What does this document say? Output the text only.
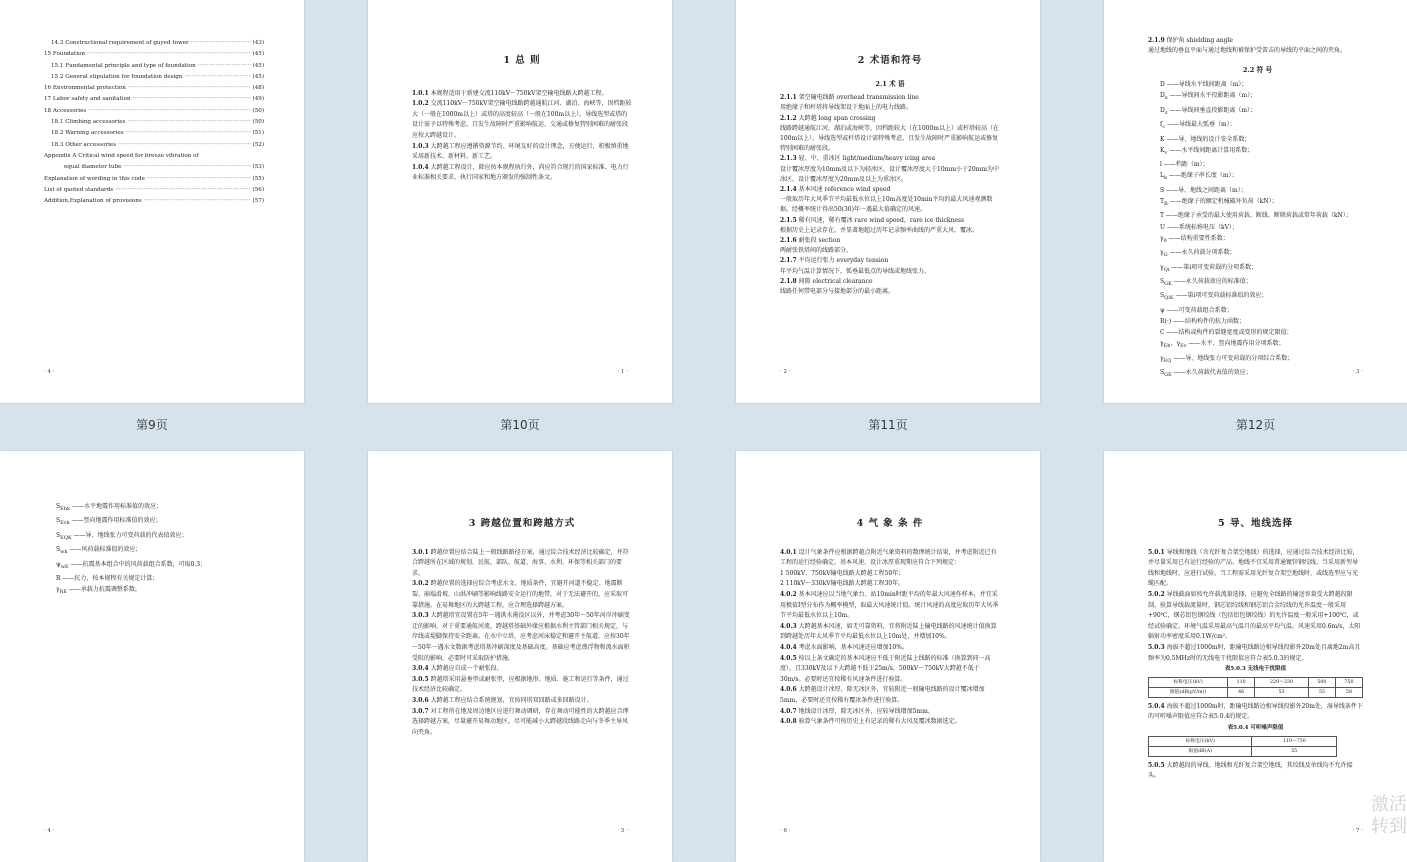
14.3 Constructional requirement of guyed tower ·····	(43)

15 Foundation ·····	(45)

15.1 Fundamental principle and type of foundation ·····	(45)

15.2 General stipulation for foundation design ·····	(45)

16 Environmental protection ·····	(48)

17 Labor safety and sanitation ·····	(49)

18 Accessories ·····	(50)

18.1 Climbing accessories ·····	(50)

18.2 Warning accessories ·····	(51)

18.3 Other accessories ·····	(52)

Appendix A Critical wind speed for breeze vibration of

equal diameter tube ·····	(53)

Explanation of wording in this code ·····	(55)

List of quoted standards ·····	(56)

Addition,Explanation of provisions ·····	(57)

· 4 ·
第9页
1 总 则

1.0.1 本规程适用于新建交流110kV～750kV架空输电线路大跨越工程。

1.0.2 交流110kV～750kV架空输电线路跨越通航江河、湖泊、海峡等，因档距较大（一般在1000m以上）或塔的高度较高（一般在100m以上），导线选型或塔的设计需予以特殊考虑，且发生故障时严重影响航运、交通或修复特别困难的耐张段应按大跨越设计。

1.0.3 大跨越工程应遵循资源节约、环境友好的设计理念，方便运行，积极慎重地采用新技术、新材料、新工艺。

1.0.4 大跨越工程设计，除应按本规程执行外，尚应符合现行的国家标准、电力行业标准相关要求，执行国家和地方颁发的强制性条文。

· 1 ·
第10页
2 术语和符号
2.1 术 语

2.1.1 架空输电线路 overhead transmission line

用绝缘子和杆塔将导线架设于地面上的电力线路。

2.1.2 大跨越 long span crossing

线路跨越通航江河、湖泊或海峡等，因档距较大（在1000m以上）或杆塔较高（在100m以上），导线选型或杆塔设计需特殊考虑，且发生故障时严重影响航运或修复特别困难的耐张段。

2.1.3 轻、中、重冰区 light/medium/heavy icing area

设计覆冰厚度为10mm及以下为轻冰区，设计覆冰厚度大于10mm小于20mm为中冰区，设计覆冰厚度为20mm及以上为重冰区。

2.1.4 基本风速 reference wind speed

一般取历年大风季节平均最低水位以上10m高度处10min平均的最大风速观测数据，经概率统计得出50(30)年一遇最大值确定的风速。

2.1.5 稀有风速，稀有覆冰 rare wind speed，rare ice thickness

根据历史上记录存在，并显著地超过历年记录频率曲线的严重大风、覆冰。

2.1.6 耐张段 section

两耐张铁塔间的线路部分。

2.1.7 平均运行张力 everyday tension

年平均气温计算情况下，弧垂最低点的导线或地线张力。

2.1.8 间隙 electrical clearance

线路任何带电部分与接地部分的最小距离。

· 2 ·
第11页

2.1.9 保护角 shielding angle

通过地线的垂直平面与通过地线和被保护受雷击的导线的平面之间的夹角。

2.2 符 号

D ——导线水平线间距离（m）；

$D_x$ ——导线间水平投影距离（m）；

$D_z$ ——导线间垂直投影距离（m）；

$f_c$ ——导线最大弧垂（m）；

K ——导、地线的设计安全系数；

$K_v$ ——水平线间距离计算用系数；

l ——档距（m）；

$L_k$ ——绝缘子串长度（m）；

S ——导、地线之间距离（m）；

$T_R$ ——绝缘子的额定机械破坏负荷（kN）；

T ——绝缘子承受的最大使用荷载、断线、断联荷载或常年荷载（kN）；

U ——系统标称电压（kV）；

$\gamma_0$ ——结构重要性系数；

$\gamma_G$ ——永久荷载分项系数；

$\gamma_{Qi}$ ——第i项可变荷载的分项系数；

$S_{GK}$ ——永久荷载效应的标准值；

$S_{QiK}$ ——第i项可变荷载标准值的效应；

ψ ——可变荷载组合系数；

R(·) ——结构构件的抗力函数；

C ——结构或构件的裂缝宽度或变形的规定限值；

$\gamma_{Eh}$、$\gamma_{Ev}$ ——水平、竖向地震作用分项系数；

$\gamma_{EQ}$ ——导、地线张力可变荷载的分项综合系数；

$S_{GE}$ ——永久荷载代表值的效应；	· 3 ·
第12页

$S_{Ehk}$ ——水平地震作用标准值的效应；

$S_{Evk}$ ——竖向地震作用标准值的效应；

$S_{EQK}$ ——导、地线张力可变荷载的代表值效应；

$S_{wk}$ ——风荷载标准值的效应；

$\psi_{wE}$ ——抗震基本组合中的风荷载组合系数，可取0.3；

R ——抗力，按本规程有关规定计算；

$\gamma_{RE}$ ——承载力抗震调整系数。

· 4 ·
3 跨越位置和跨越方式

3.0.1 跨越位置应结合陆上一般线路路径方案，通过综合技术经济比较确定，并符合跨越所在区域的规划、民航、部队、航道、海事、水利、环保等相关部门的要求。

3.0.2 跨越位置的选择应综合考虑水文、地质条件，宜避开河道不稳定、地震断裂、崩塌滑坡、山洪冲刷等影响线路安全运行的地带，对于无法避开的，应采取可靠措施。在易舞地区的大跨越工程，应合理选择跨越方案。

3.0.3 大跨越塔宜设置在5年一遇洪水淹没区以外，并考虑30年～50年河岸冲刷变迁的影响。对于重要通航河流，跨越塔基础外缘应根据水利主管部门相关规定，与岸线或堤脚保持安全距离。在水中立塔，应考虑河床稳定和避开主航道，应按30年～50年一遇水文数据考虑塔基冲刷深度及基础高度。基础应考虑漂浮物和流水面积受阻的影响，必要时可采取防护措施。

3.0.4 大跨越应自成一个耐张段。

3.0.5 跨越塔采用悬垂型或耐张型，应根据地形、地质、施工和运行等条件，通过技术经济比较确定。

3.0.6 大跨越工程应结合系统规划，宜按同塔双回路或多回路设计。

3.0.7 对工程所在地及周边地区应进行舞动调研，存在舞动可能性的大跨越应合理选择跨越方案，尽量避开易舞动地区，尽可能减小大跨越段线路走向与冬季主导风向夹角。

· 5 ·
4 气 象 条 件

4.0.1 设计气象条件应根据跨越点附近气象资料的数理统计结果，并考虑附近已有工程的运行经验确定，基本风速、设计冰厚重现期应符合下列规定：

1 500kV、750kV输电线路大跨越工程50年；

2 110kV～330kV输电线路大跨越工程30年。

4.0.2 基本风速应以当地气象台、站10min时距平均的年最大风速作样本，并宜采用极值Ⅰ型分布作为概率模型，取最大风速统计值。统计风速的高度应取历年大风季节平均最低水位以上10m。

4.0.3 大跨越基本风速，如无可靠资料，宜将附近陆上输电线路的风速统计值换算到跨越处历年大风季节平均最低水位以上10m处，并增加10%。

4.0.4 考虑水面影响，基本风速还应增加10%。

4.0.5 按以上条文确定的基本风速应不低于附近陆上线路的标准（换算到同一高度），且330kV及以下大跨越不低于25m/s，500kV～750kV大跨越不低于30m/s。必要时还宜按稀有风速条件进行验算。

4.0.6 大跨越设计冰厚，除无冰区外，宜较附近一般输电线路的设计覆冰增加5mm，必要时还宜按稀有覆冰条件进行验算。

4.0.7 地线设计冰厚，除无冰区外，应较导线增加5mm。

4.0.8 验算气象条件可按历史上有记录的稀有大风及覆冰数据选定。

· 6 ·
5 导、地线选择

5.0.1 导线和地线（含光纤复合架空地线）的选择，应通过综合技术经济比较，并尽量采用已有运行经验的产品。地线不宜采用普通镀锌钢绞线。当采用新型导线和地线时，应进行试验。当工程需采用光纤复合架空地线时，或线选型应与光缆匹配。

5.0.2 导线截面如按允许载流量选择，应避免全线路的输送容量受大跨越段限制。验算导线载流量时，钢芯铝绞线和钢芯铝合金绞线的允许温度一般采用+90℃，钢芯铝包钢绞线（包括铝包钢绞线）的允许温度一般采用+100℃，或经试验确定。环境气温采用最高气温月的最高平均气温，风速采用0.6m/s，太阳辐射功率密度采用0.1W/cm²。

5.0.3 海拔不超过1000m时，距输电线路边相导线投影外20m处且离地2m高且频率为0.5MHz时的无线电干扰限值应符合表5.0.3的规定。

表5.0.3 无线电干扰限值
标称电压(kV)	110	220～330	500	750
限值(dB(μV/m))	46	53	55	58

5.0.4 海拔不超过1000m时，距输电线路边相导线投影外20m处，湿导线条件下的可听噪声限值应符合表5.0.4的规定。

表5.0.4 可听噪声限值
标称电压(kV)	110～750
限值dB(A)	55

5.0.5 大跨越段的导线、地线和光纤复合架空地线，其绞线及单线均不允许接头。

· 7 ·
激活
转到
